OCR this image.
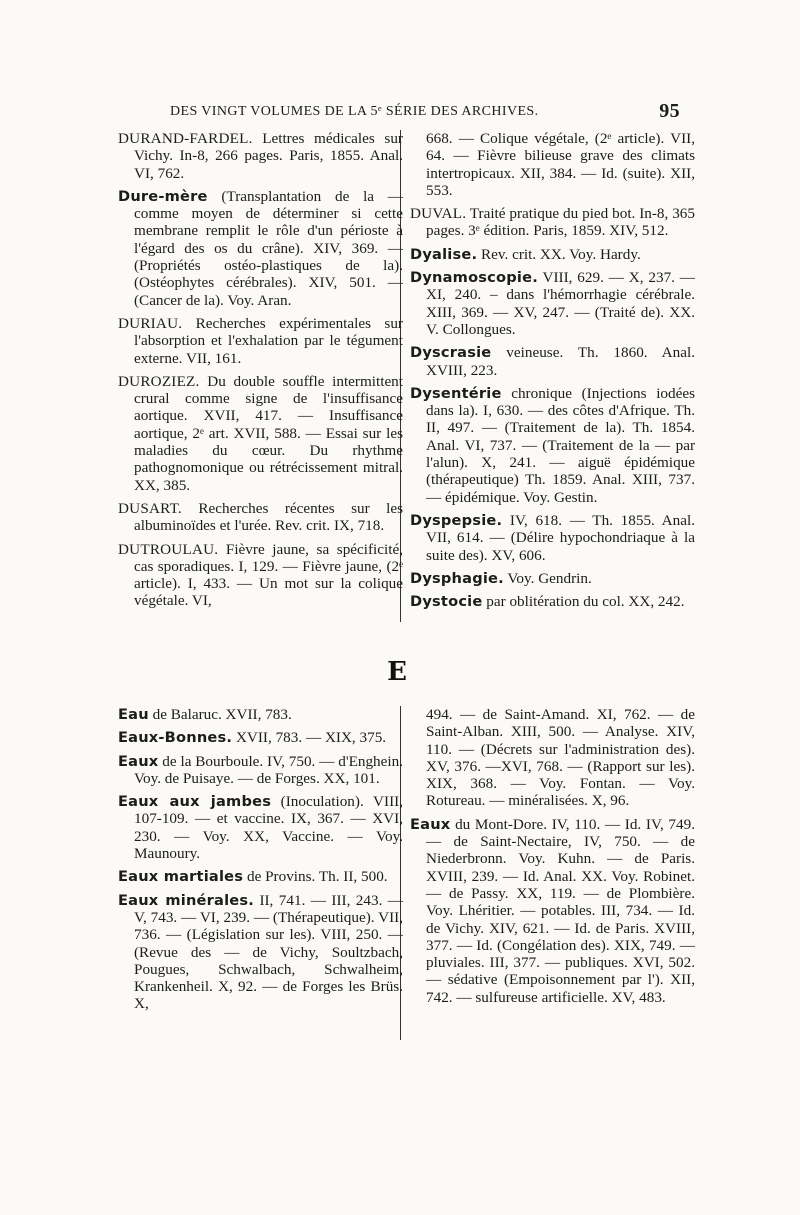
DES VINGT VOLUMES DE LA 5ᵉ SÉRIE DES ARCHIVES.	95

DURAND-FARDEL. Lettres médicales sur Vichy. In-8, 266 pages. Paris, 1855. Anal. VI, 762.

Dure-mère (Transplantation de la — comme moyen de déterminer si cette membrane remplit le rôle d'un périoste à l'égard des os du crâne). XIV, 369. — (Propriétés ostéo-plastiques de la). (Ostéophytes cérébrales). XIV, 501. — (Cancer de la). Voy. Aran.

DURIAU. Recherches expérimentales sur l'absorption et l'exhalation par le tégument externe. VII, 161.

DUROZIEZ. Du double souffle intermittent crural comme signe de l'insuffisance aortique. XVII, 417. — Insuffisance aortique, 2ᵉ art. XVII, 588. — Essai sur les maladies du cœur. Du rhythme pathognomonique ou rétrécissement mitral. XX, 385.

DUSART. Recherches récentes sur les albuminoïdes et l'urée. Rev. crit. IX, 718.

DUTROULAU. Fièvre jaune, sa spécificité, cas sporadiques. I, 129. — Fièvre jaune, (2ᵉ article). I, 433. — Un mot sur la colique végétale. VI,

668. — Colique végétale, (2ᵉ article). VII, 64. — Fièvre bilieuse grave des climats intertropicaux. XII, 384. — Id. (suite). XII, 553.

DUVAL. Traité pratique du pied bot. In-8, 365 pages. 3ᵉ édition. Paris, 1859. XIV, 512.

Dyalise. Rev. crit. XX. Voy. Hardy.

Dynamoscopie. VIII, 629. — X, 237. — XI, 240. – dans l'hémorrhagie cérébrale. XIII, 369. — XV, 247. — (Traité de). XX. V. Collongues.

Dyscrasie veineuse. Th. 1860. Anal. XVIII, 223.

Dysentérie chronique (Injections iodées dans la). I, 630. — des côtes d'Afrique. Th. II, 497. — (Traitement de la). Th. 1854. Anal. VI, 737. — (Traitement de la — par l'alun). X, 241. — aiguë épidémique (thérapeutique) Th. 1859. Anal. XIII, 737. — épidémique. Voy. Gestin.

Dyspepsie. IV, 618. — Th. 1855. Anal. VII, 614. — (Délire hypochondriaque à la suite des). XV, 606.

Dysphagie. Voy. Gendrin.

Dystocie par oblitération du col. XX, 242.

E

Eau de Balaruc. XVII, 783.

Eaux-Bonnes. XVII, 783. — XIX, 375.

Eaux de la Bourboule. IV, 750. — d'Enghein. Voy. de Puisaye. — de Forges. XX, 101.

Eaux aux jambes (Inoculation). VIII, 107-109. — et vaccine. IX, 367. — XVI, 230. — Voy. XX, Vaccine. — Voy. Maunoury.

Eaux martiales de Provins. Th. II, 500.

Eaux minérales. II, 741. — III, 243. — V, 743. — VI, 239. — (Thérapeutique). VII, 736. — (Législation sur les). VIII, 250. — (Revue des — de Vichy, Soultzbach, Pougues, Schwalbach, Schwalheim, Krankenheil. X, 92. — de Forges les Brüs. X,

494. — de Saint-Amand. XI, 762. — de Saint-Alban. XIII, 500. — Analyse. XIV, 110. — (Décrets sur l'administration des). XV, 376. —XVI, 768. — (Rapport sur les). XIX, 368. — Voy. Fontan. — Voy. Rotureau. — minéralisées. X, 96.

Eaux du Mont-Dore. IV, 110. — Id. IV, 749. — de Saint-Nectaire, IV, 750. — de Niederbronn. Voy. Kuhn. — de Paris. XVIII, 239. — Id. Anal. XX. Voy. Robinet. — de Passy. XX, 119. — de Plombière. Voy. Lhéritier. — potables. III, 734. — Id. de Vichy. XIV, 621. — Id. de Paris. XVIII, 377. — Id. (Congélation des). XIX, 749. — pluviales. III, 377. — publiques. XVI, 502. — sédative (Empoisonnement par l'). XII, 742. — sulfureuse artificielle. XV, 483.
